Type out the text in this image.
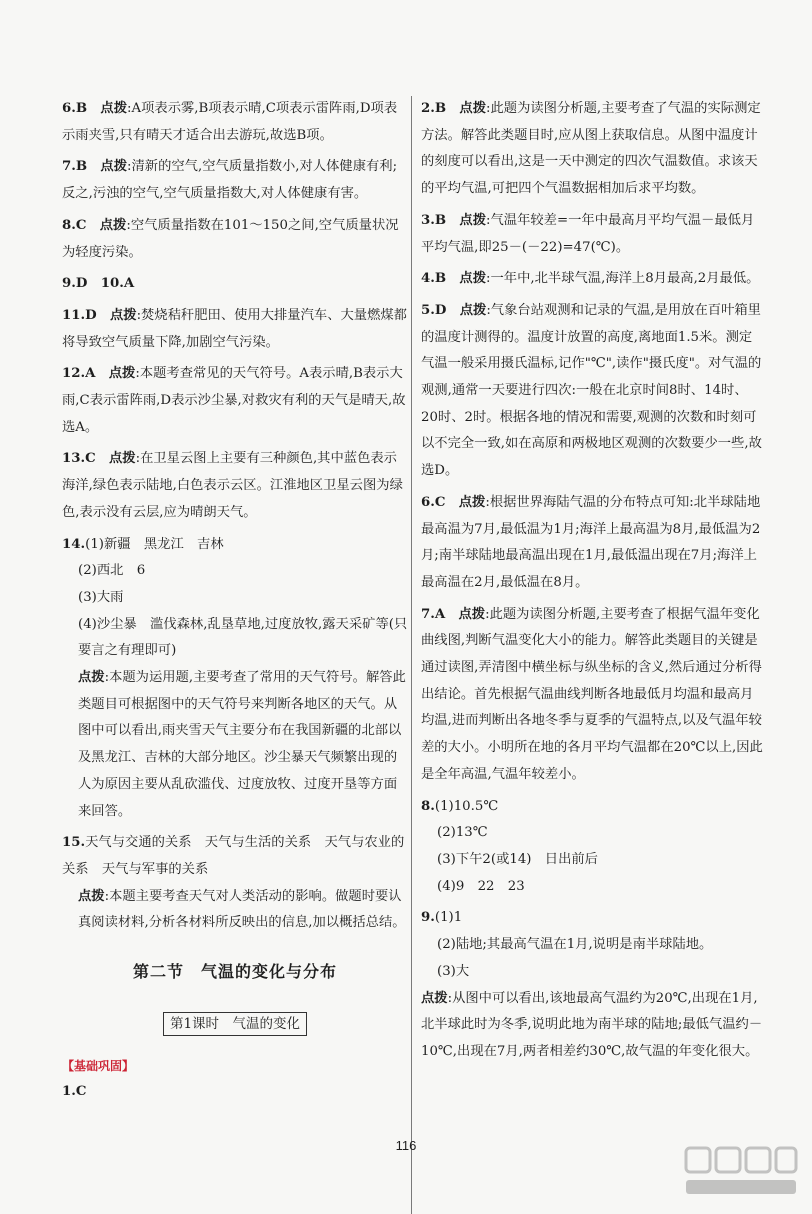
6.B　 点拨:A项表示雾,B项表示晴,C项表示雷阵雨,D项表示雨夹雪,只有晴天才适合出去游玩,故选B项。
7.B　 点拨:清新的空气,空气质量指数小,对人体健康有利;反之,污浊的空气,空气质量指数大,对人体健康有害。
8.C　 点拨:空气质量指数在101～150之间,空气质量状况为轻度污染。
9.D　10.A
11.D　 点拨:焚烧秸秆肥田、使用大排量汽车、大量燃煤都将导致空气质量下降,加剧空气污染。
12.A　 点拨:本题考查常见的天气符号。A表示晴,B表示大雨,C表示雷阵雨,D表示沙尘暴,对救灾有利的天气是晴天,故选A。
13.C　 点拨:在卫星云图上主要有三种颜色,其中蓝色表示海洋,绿色表示陆地,白色表示云区。江淮地区卫星云图为绿色,表示没有云层,应为晴朗天气。
14.(1)新疆　黑龙江　吉林
(2)西北　6
(3)大雨
(4)沙尘暴　滥伐森林,乱垦草地,过度放牧,露天采矿等(只要言之有理即可)
点拨:本题为运用题,主要考查了常用的天气符号。解答此类题目可根据图中的天气符号来判断各地区的天气。从图中可以看出,雨夹雪天气主要分布在我国新疆的北部以及黑龙江、吉林的大部分地区。沙尘暴天气频繁出现的人为原因主要从乱砍滥伐、过度放牧、过度开垦等方面来回答。
15.天气与交通的关系　天气与生活的关系　天气与农业的关系　天气与军事的关系
点拨:本题主要考查天气对人类活动的影响。做题时要认真阅读材料,分析各材料所反映出的信息,加以概括总结。
第二节　气温的变化与分布
第1课时　气温的变化
【基础巩固】
1.C
2.B　 点拨:此题为读图分析题,主要考查了气温的实际测定方法。解答此类题目时,应从图上获取信息。从图中温度计的刻度可以看出,这是一天中测定的四次气温数值。求该天的平均气温,可把四个气温数据相加后求平均数。
3.B　 点拨:气温年较差=一年中最高月平均气温－最低月平均气温,即25－(－22)=47(℃)。
4.B　 点拨:一年中,北半球气温,海洋上8月最高,2月最低。
5.D　 点拨:气象台站观测和记录的气温,是用放在百叶箱里的温度计测得的。温度计放置的高度,离地面1.5米。测定气温一般采用摄氏温标,记作"℃",读作"摄氏度"。对气温的观测,通常一天要进行四次:一般在北京时间8时、14时、20时、2时。根据各地的情况和需要,观测的次数和时刻可以不完全一致,如在高原和两极地区观测的次数要少一些,故选D。
6.C　 点拨:根据世界海陆气温的分布特点可知:北半球陆地最高温为7月,最低温为1月;海洋上最高温为8月,最低温为2月;南半球陆地最高温出现在1月,最低温出现在7月;海洋上最高温在2月,最低温在8月。
7.A　 点拨:此题为读图分析题,主要考查了根据气温年变化曲线图,判断气温变化大小的能力。解答此类题目的关键是通过读图,弄清图中横坐标与纵坐标的含义,然后通过分析得出结论。首先根据气温曲线判断各地最低月均温和最高月均温,进而判断出各地冬季与夏季的气温特点,以及气温年较差的大小。小明所在地的各月平均气温都在20℃以上,因此是全年高温,气温年较差小。
8.(1)10.5℃
(2)13℃
(3)下午2(或14)　日出前后
(4)9　22　23
9.(1)1
(2)陆地;其最高气温在1月,说明是南半球陆地。
(3)大
点拨:从图中可以看出,该地最高气温约为20℃,出现在1月,北半球此时为冬季,说明此地为南半球的陆地;最低气温约－10℃,出现在7月,两者相差约30℃,故气温的年变化很大。
116
